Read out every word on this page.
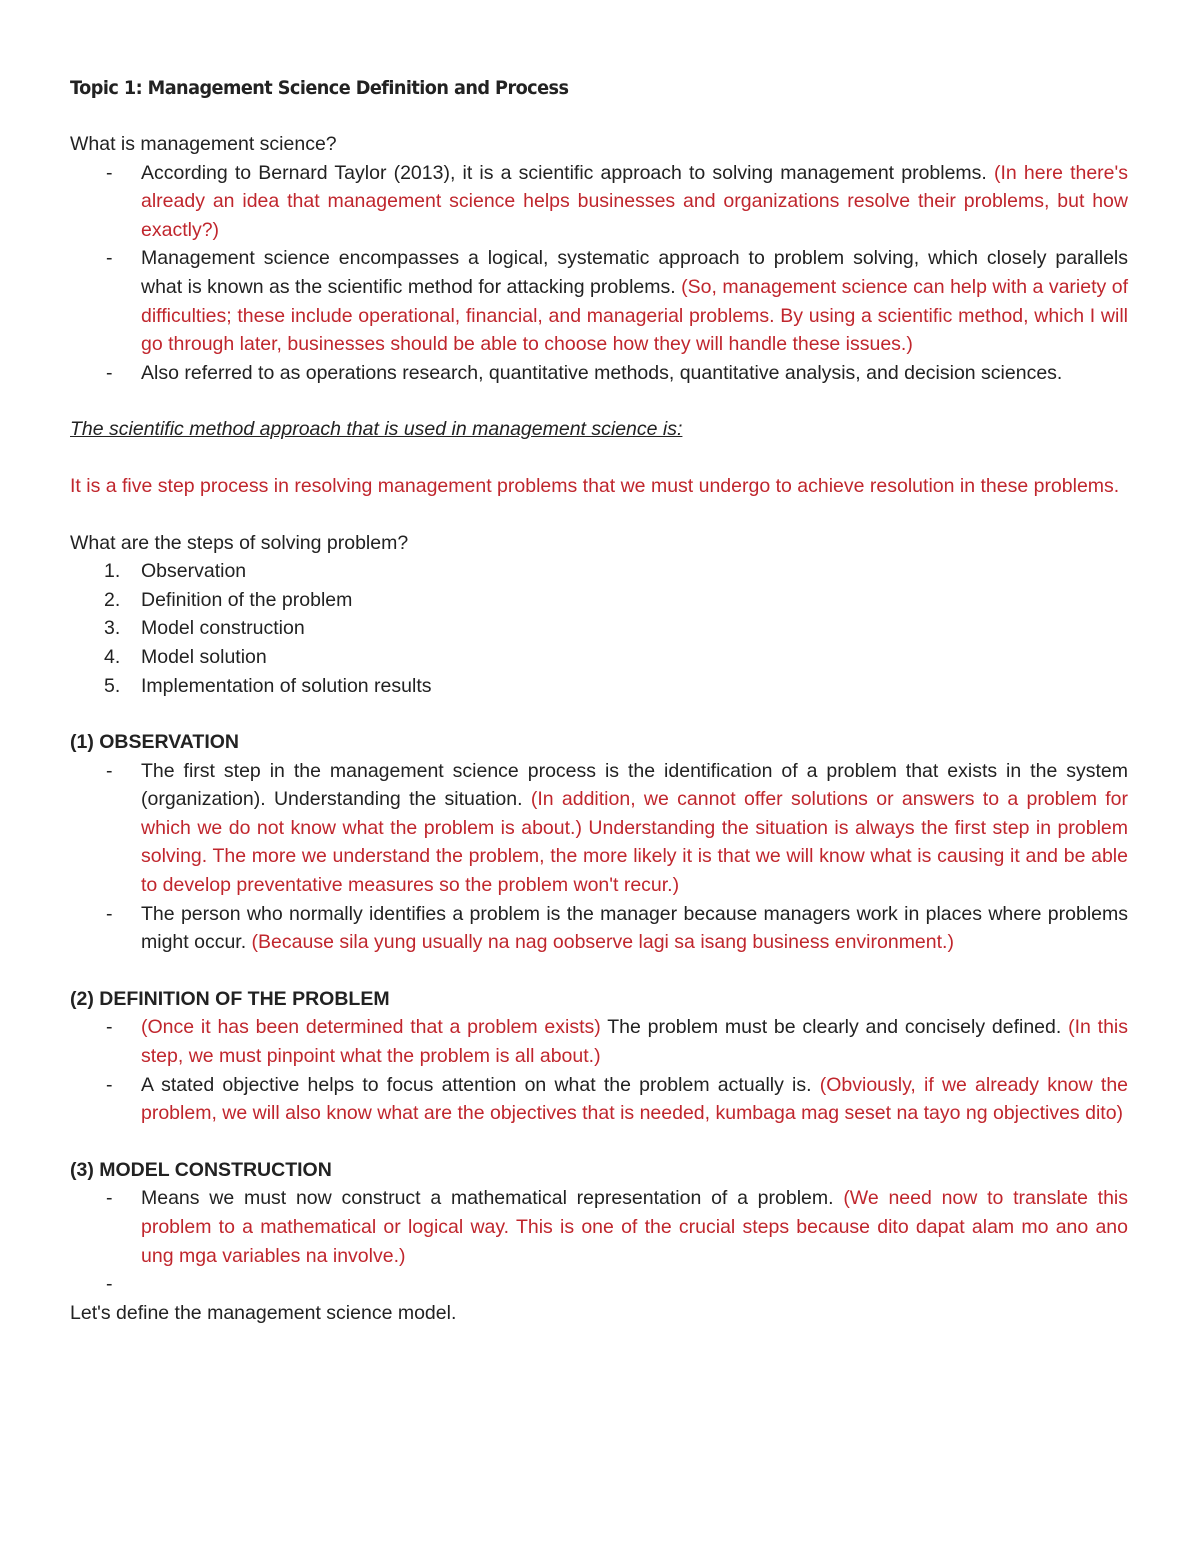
Topic 1: Management Science Definition and Process

What is management science?

- According to Bernard Taylor (2013), it is a scientific approach to solving management problems. (In here there's already an idea that management science helps businesses and organizations resolve their problems, but how exactly?)
- Management science encompasses a logical, systematic approach to problem solving, which closely parallels what is known as the scientific method for attacking problems. (So, management science can help with a variety of difficulties; these include operational, financial, and managerial problems. By using a scientific method, which I will go through later, businesses should be able to choose how they will handle these issues.)
- Also referred to as operations research, quantitative methods, quantitative analysis, and decision sciences.

The scientific method approach that is used in management science is:

It is a five step process in resolving management problems that we must undergo to achieve resolution in these problems.

What are the steps of solving problem?

1. Observation
2. Definition of the problem
3. Model construction
4. Model solution
5. Implementation of solution results

(1) OBSERVATION

- The first step in the management science process is the identification of a problem that exists in the system (organization). Understanding the situation. (In addition, we cannot offer solutions or answers to a problem for which we do not know what the problem is about.) Understanding the situation is always the first step in problem solving. The more we understand the problem, the more likely it is that we will know what is causing it and be able to develop preventative measures so the problem won't recur.)
- The person who normally identifies a problem is the manager because managers work in places where problems might occur. (Because sila yung usually na nag oobserve lagi sa isang business environment.)

(2) DEFINITION OF THE PROBLEM

- (Once it has been determined that a problem exists) The problem must be clearly and concisely defined. (In this step, we must pinpoint what the problem is all about.)
- A stated objective helps to focus attention on what the problem actually is. (Obviously, if we already know the problem, we will also know what are the objectives that is needed, kumbaga mag seset na tayo ng objectives dito)

(3) MODEL CONSTRUCTION

- Means we must now construct a mathematical representation of a problem. (We need now to translate this problem to a mathematical or logical way. This is one of the crucial steps because dito dapat alam mo ano ano ung mga variables na involve.)
-

Let's define the management science model.
